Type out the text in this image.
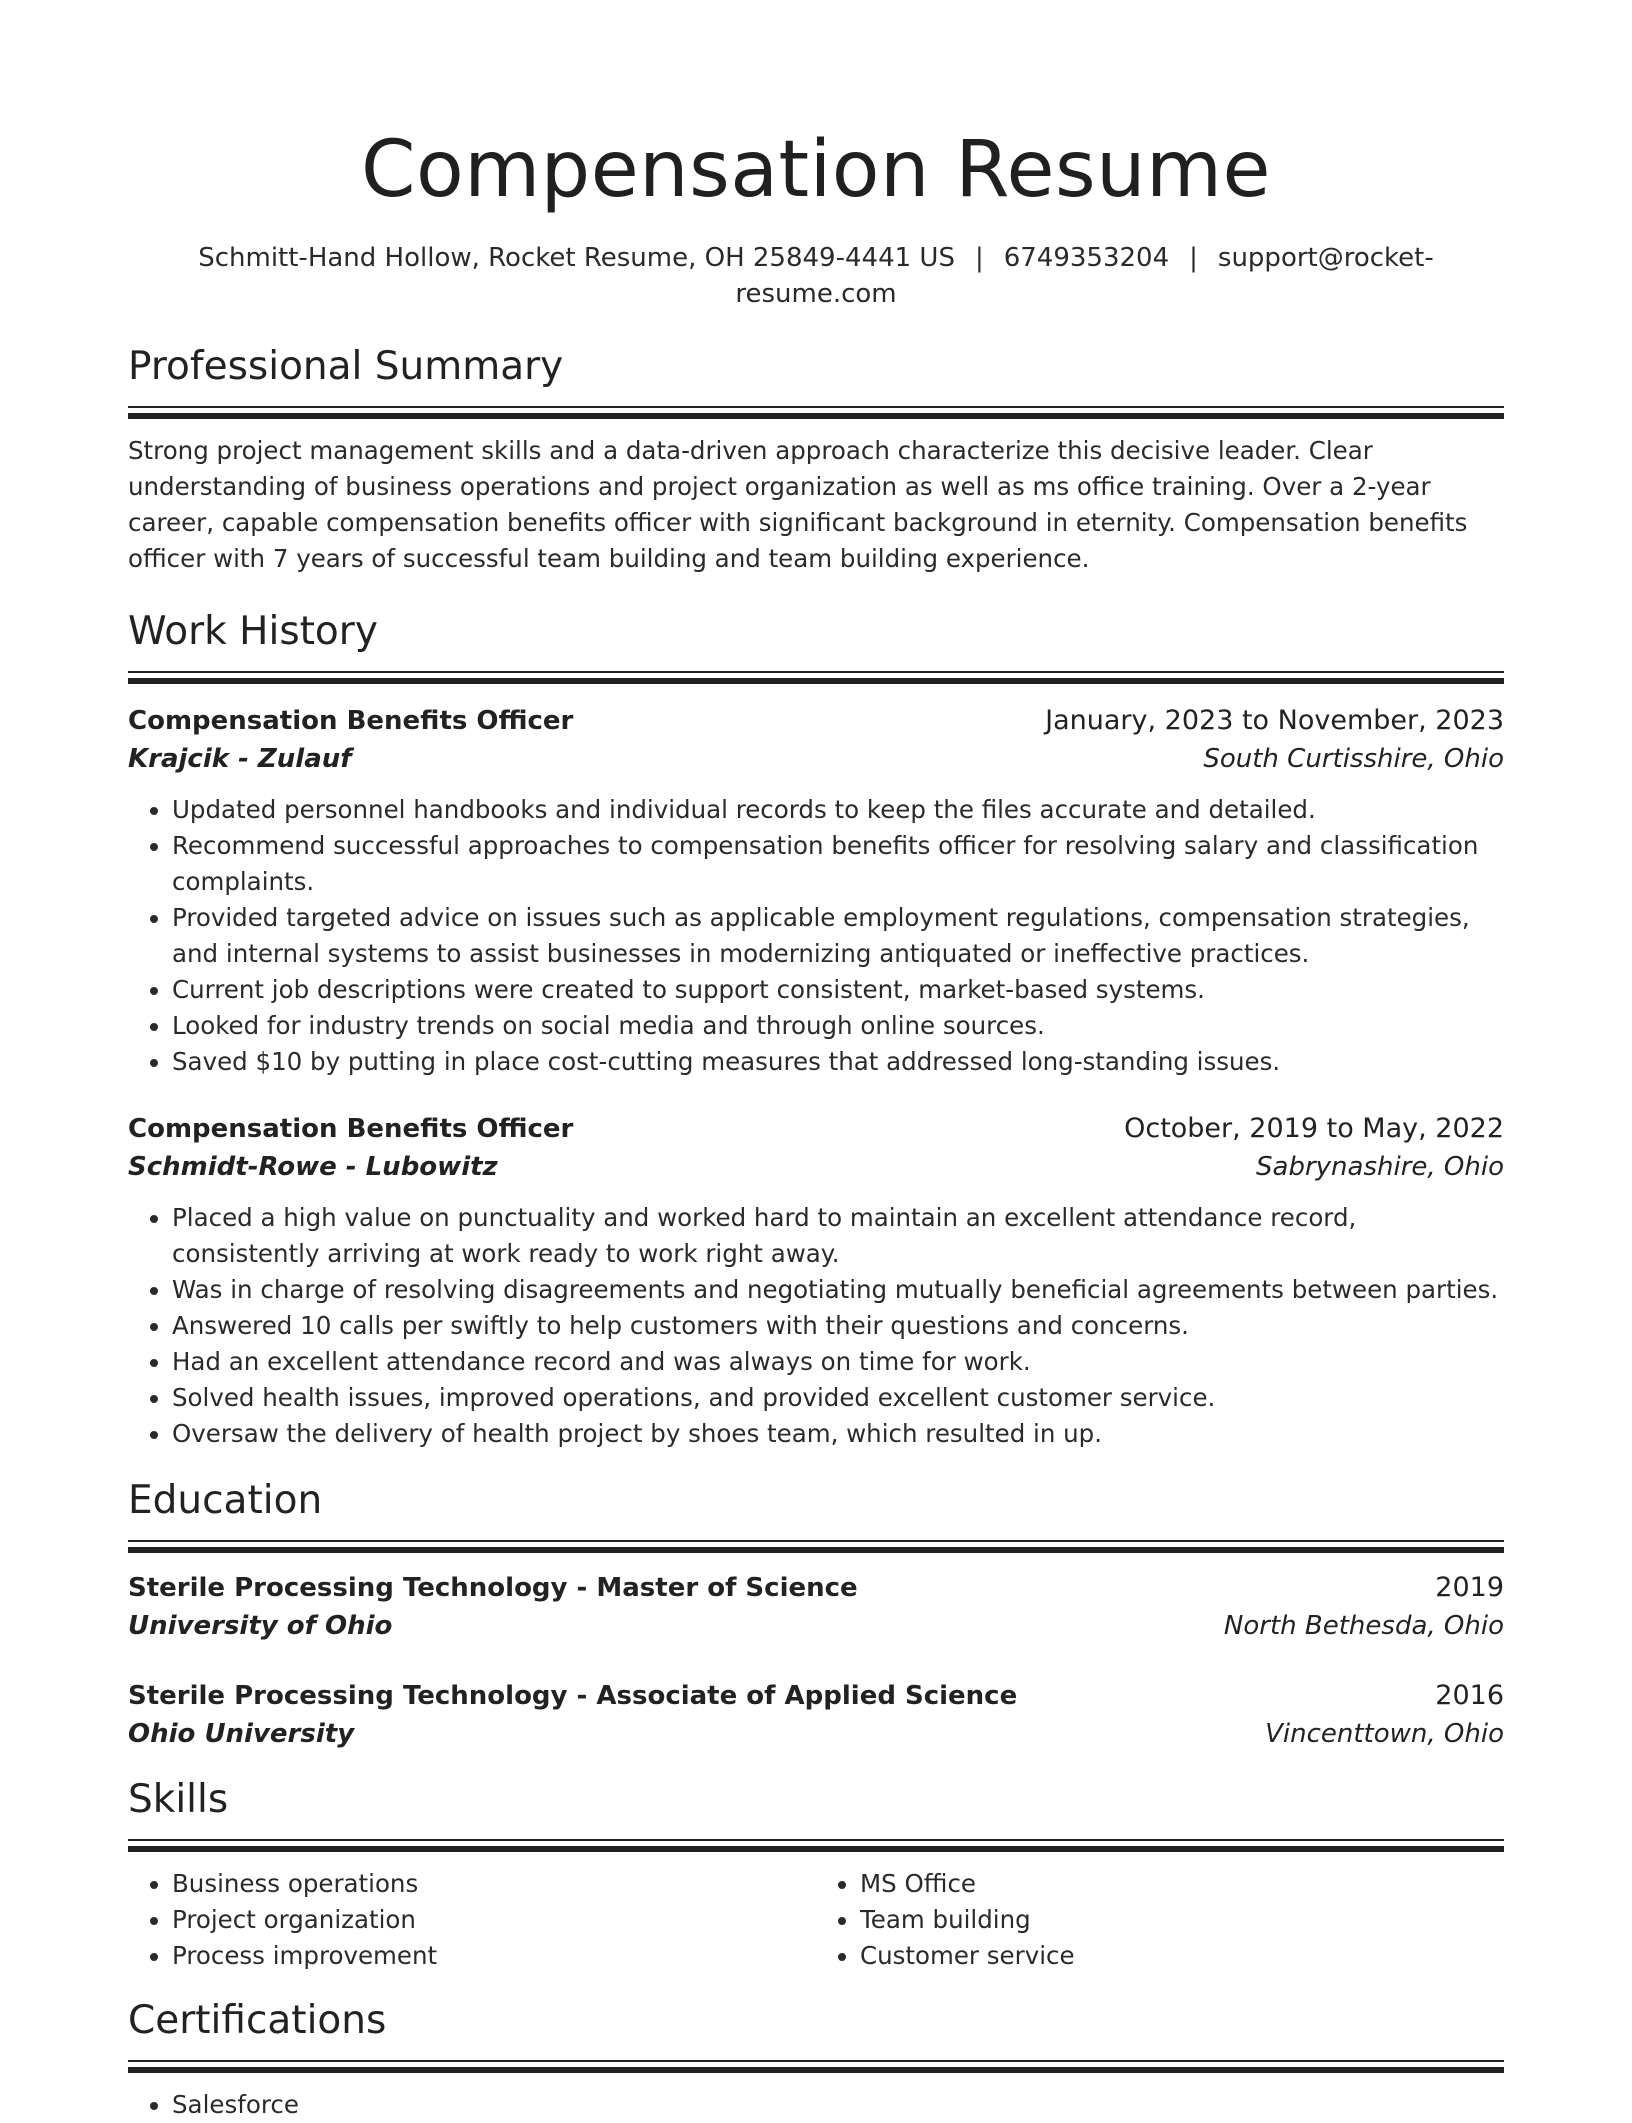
Compensation Resume
Schmitt-Hand Hollow, Rocket Resume, OH 25849-4441 US | 6749353204 | support@rocket-resume.com
Professional Summary

Strong project management skills and a data-driven approach characterize this decisive leader. Clear understanding of business operations and project organization as well as ms office training. Over a 2-year career, capable compensation benefits officer with significant background in eternity. Compensation benefits officer with 7 years of successful team building and team building experience.

Work History
Compensation Benefits Officer	January, 2023 to November, 2023
Krajcik - Zulauf	South Curtisshire, Ohio
• Updated personnel handbooks and individual records to keep the files accurate and detailed.
• Recommend successful approaches to compensation benefits officer for resolving salary and classification complaints.
• Provided targeted advice on issues such as applicable employment regulations, compensation strategies, and internal systems to assist businesses in modernizing antiquated or ineffective practices.
• Current job descriptions were created to support consistent, market-based systems.
• Looked for industry trends on social media and through online sources.
• Saved $10 by putting in place cost-cutting measures that addressed long-standing issues.
Compensation Benefits Officer	October, 2019 to May, 2022
Schmidt-Rowe - Lubowitz	Sabrynashire, Ohio
• Placed a high value on punctuality and worked hard to maintain an excellent attendance record, consistently arriving at work ready to work right away.
• Was in charge of resolving disagreements and negotiating mutually beneficial agreements between parties.
• Answered 10 calls per swiftly to help customers with their questions and concerns.
• Had an excellent attendance record and was always on time for work.
• Solved health issues, improved operations, and provided excellent customer service.
• Oversaw the delivery of health project by shoes team, which resulted in up.
Education
Sterile Processing Technology - Master of Science	2019
University of Ohio	North Bethesda, Ohio
Sterile Processing Technology - Associate of Applied Science	2016
Ohio University	Vincenttown, Ohio
Skills
• Business operations
• Project organization
• Process improvement
• MS Office
• Team building
• Customer service
Certifications
• Salesforce
